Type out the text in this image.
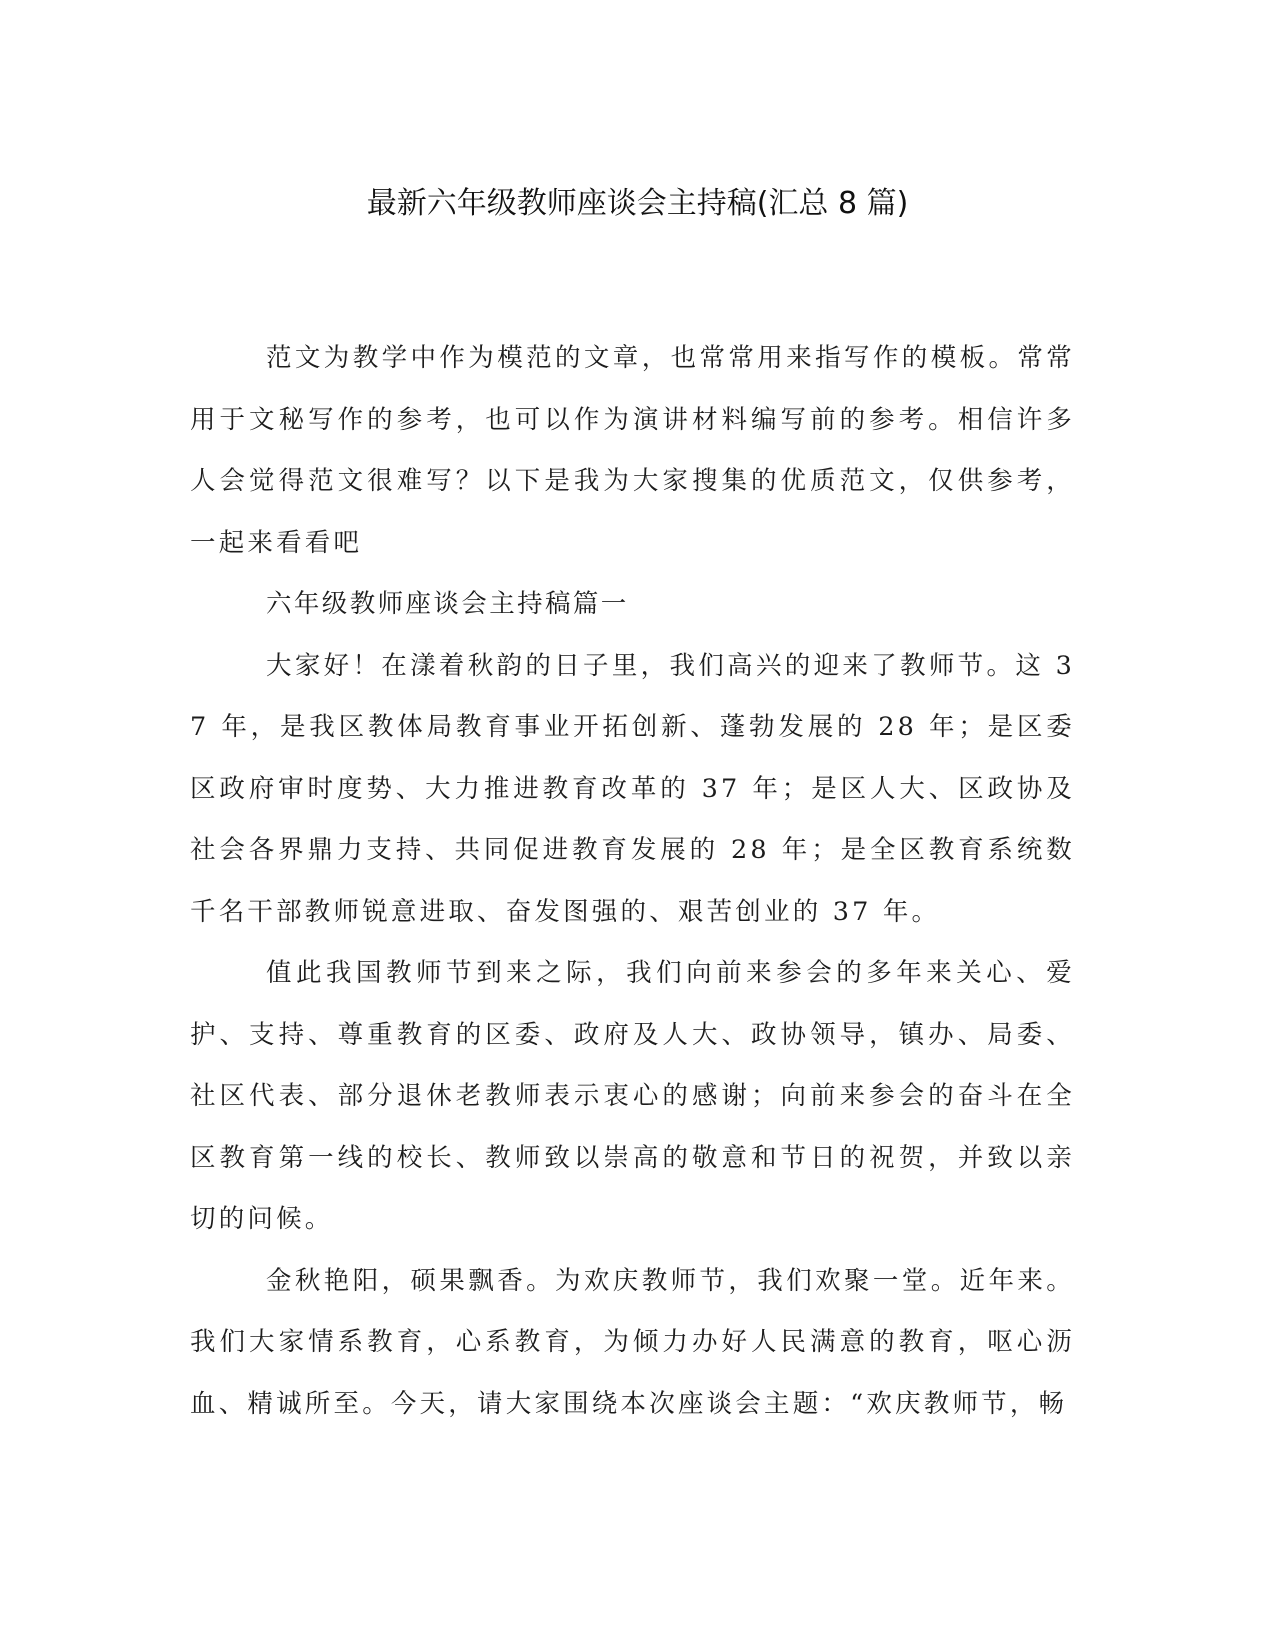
最新六年级教师座谈会主持稿(汇总 8 篇)

范文为教学中作为模范的文章，也常常用来指写作的模板。常常用于文秘写作的参考，也可以作为演讲材料编写前的参考。相信许多人会觉得范文很难写？以下是我为大家搜集的优质范文，仅供参考，一起来看看吧

六年级教师座谈会主持稿篇一

大家好！在漾着秋韵的日子里，我们高兴的迎来了教师节。这 37 年，是我区教体局教育事业开拓创新、蓬勃发展的 28 年；是区委区政府审时度势、大力推进教育改革的 37 年；是区人大、区政协及社会各界鼎力支持、共同促进教育发展的 28 年；是全区教育系统数千名干部教师锐意进取、奋发图强的、艰苦创业的 37 年。

值此我国教师节到来之际，我们向前来参会的多年来关心、爱护、支持、尊重教育的区委、政府及人大、政协领导，镇办、局委、社区代表、部分退休老教师表示衷心的感谢；向前来参会的奋斗在全区教育第一线的校长、教师致以崇高的敬意和节日的祝贺，并致以亲切的问候。

金秋艳阳，硕果飘香。为欢庆教师节，我们欢聚一堂。近年来。我们大家情系教育，心系教育，为倾力办好人民满意的教育，呕心沥血、精诚所至。今天，请大家围绕本次座谈会主题：“欢庆教师节，畅
